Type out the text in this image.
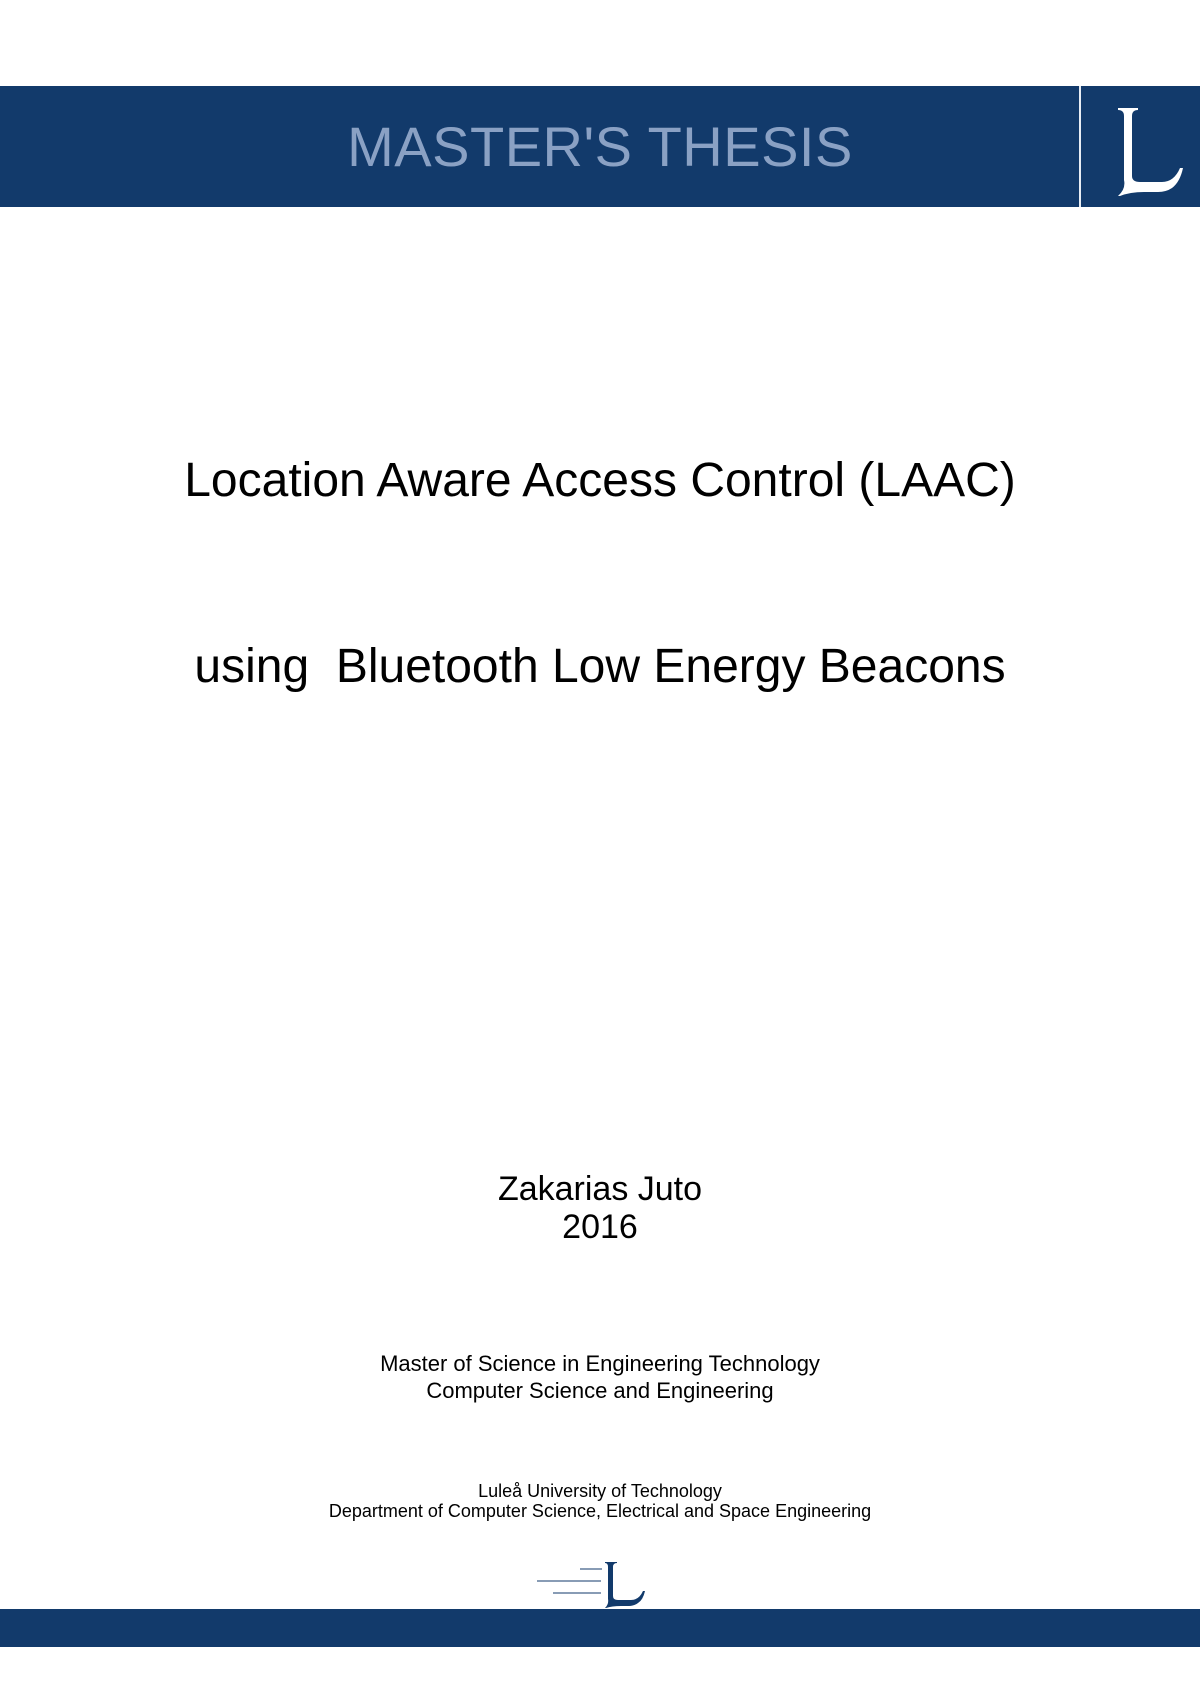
MASTER'S THESIS

Location Aware Access Control (LAAC)

using  Bluetooth Low Energy Beacons

Zakarias Juto
2016
Master of Science in Engineering Technology
Computer Science and Engineering
Luleå University of Technology
Department of Computer Science, Electrical and Space Engineering
